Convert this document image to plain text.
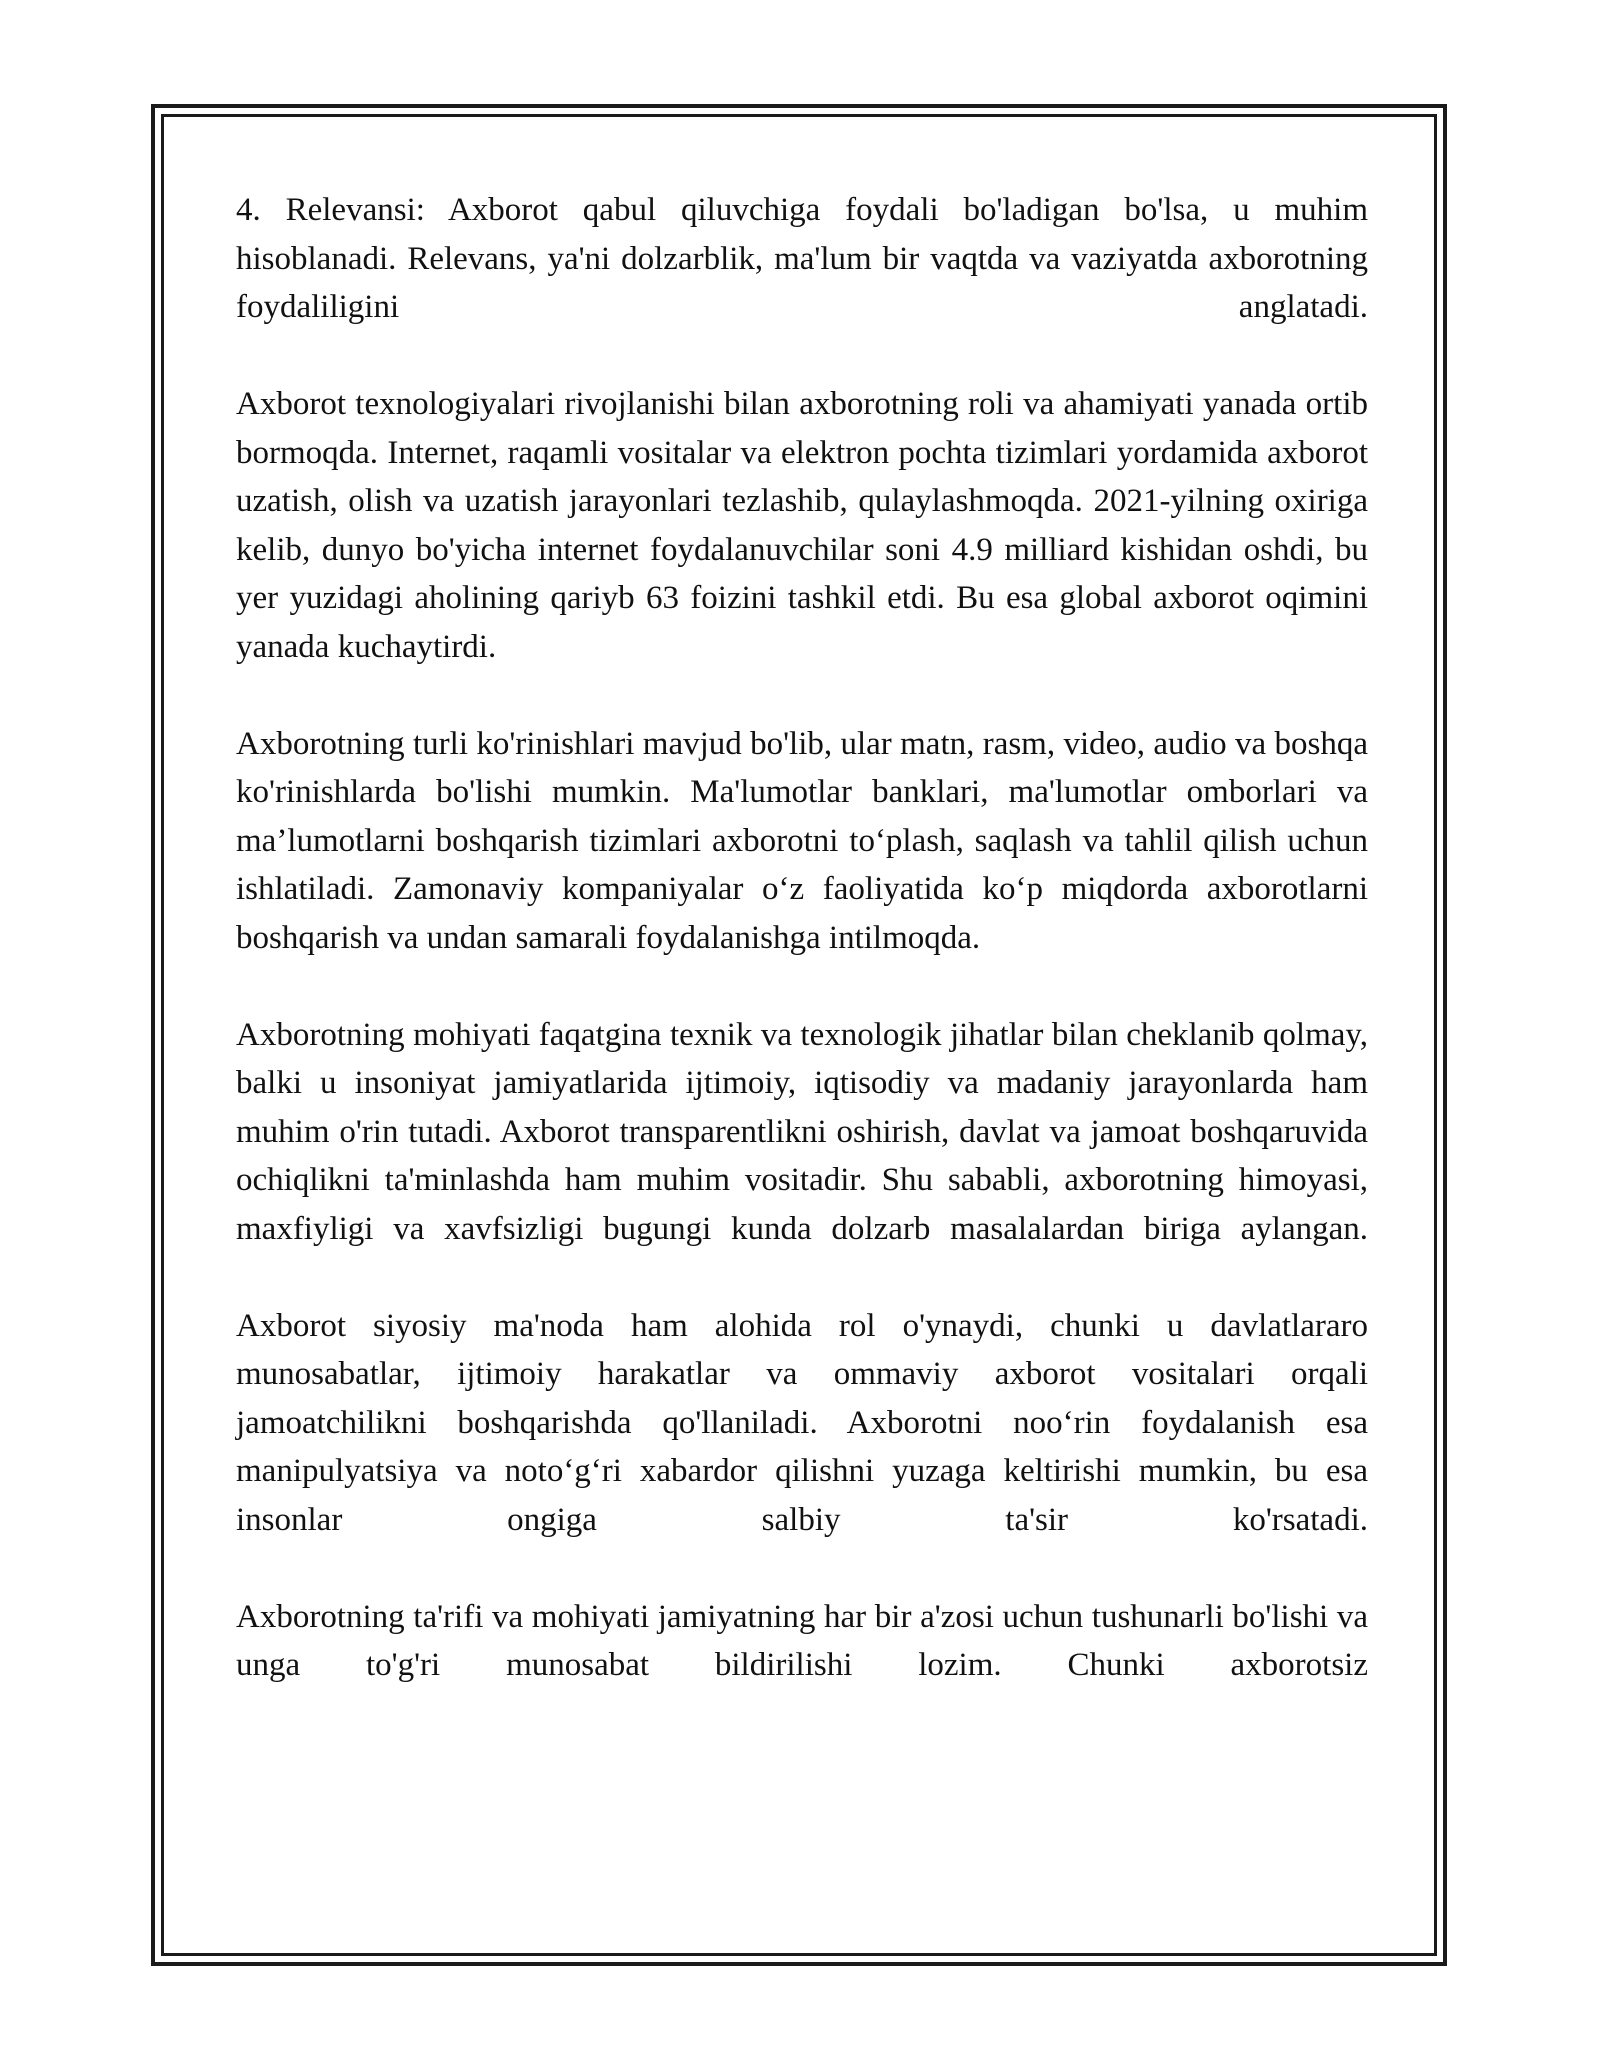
4. Relevansi: Axborot qabul qiluvchiga foydali bo'ladigan bo'lsa, u muhim hisoblanadi. Relevans, ya'ni dolzarblik, ma'lum bir vaqtda va vaziyatda axborotning foydaliligini anglatadi.

Axborot texnologiyalari rivojlanishi bilan axborotning roli va ahamiyati yanada ortib bormoqda. Internet, raqamli vositalar va elektron pochta tizimlari yordamida axborot uzatish, olish va uzatish jarayonlari tezlashib, qulaylashmoqda. 2021-yilning oxiriga kelib, dunyo bo'yicha internet foydalanuvchilar soni 4.9 milliard kishidan oshdi, bu yer yuzidagi aholining qariyb 63 foizini tashkil etdi. Bu esa global axborot oqimini yanada kuchaytirdi.

Axborotning turli ko'rinishlari mavjud bo'lib, ular matn, rasm, video, audio va boshqa ko'rinishlarda bo'lishi mumkin. Ma'lumotlar banklari, ma'lumotlar omborlari va ma’lumotlarni boshqarish tizimlari axborotni to‘plash, saqlash va tahlil qilish uchun ishlatiladi. Zamonaviy kompaniyalar o‘z faoliyatida ko‘p miqdorda axborotlarni boshqarish va undan samarali foydalanishga intilmoqda.

Axborotning mohiyati faqatgina texnik va texnologik jihatlar bilan cheklanib qolmay, balki u insoniyat jamiyatlarida ijtimoiy, iqtisodiy va madaniy jarayonlarda ham muhim o'rin tutadi. Axborot transparentlikni oshirish, davlat va jamoat boshqaruvida ochiqlikni ta'minlashda ham muhim vositadir. Shu sababli, axborotning himoyasi, maxfiyligi va xavfsizligi bugungi kunda dolzarb masalalardan biriga aylangan.

Axborot siyosiy ma'noda ham alohida rol o'ynaydi, chunki u davlatlararo munosabatlar, ijtimoiy harakatlar va ommaviy axborot vositalari orqali jamoatchilikni boshqarishda qo'llaniladi. Axborotni noo‘rin foydalanish esa manipulyatsiya va noto‘g‘ri xabardor qilishni yuzaga keltirishi mumkin, bu esa insonlar ongiga salbiy ta'sir ko'rsatadi.

Axborotning ta'rifi va mohiyati jamiyatning har bir a'zosi uchun tushunarli bo'lishi va unga to'g'ri munosabat bildirilishi lozim. Chunki axborotsiz
